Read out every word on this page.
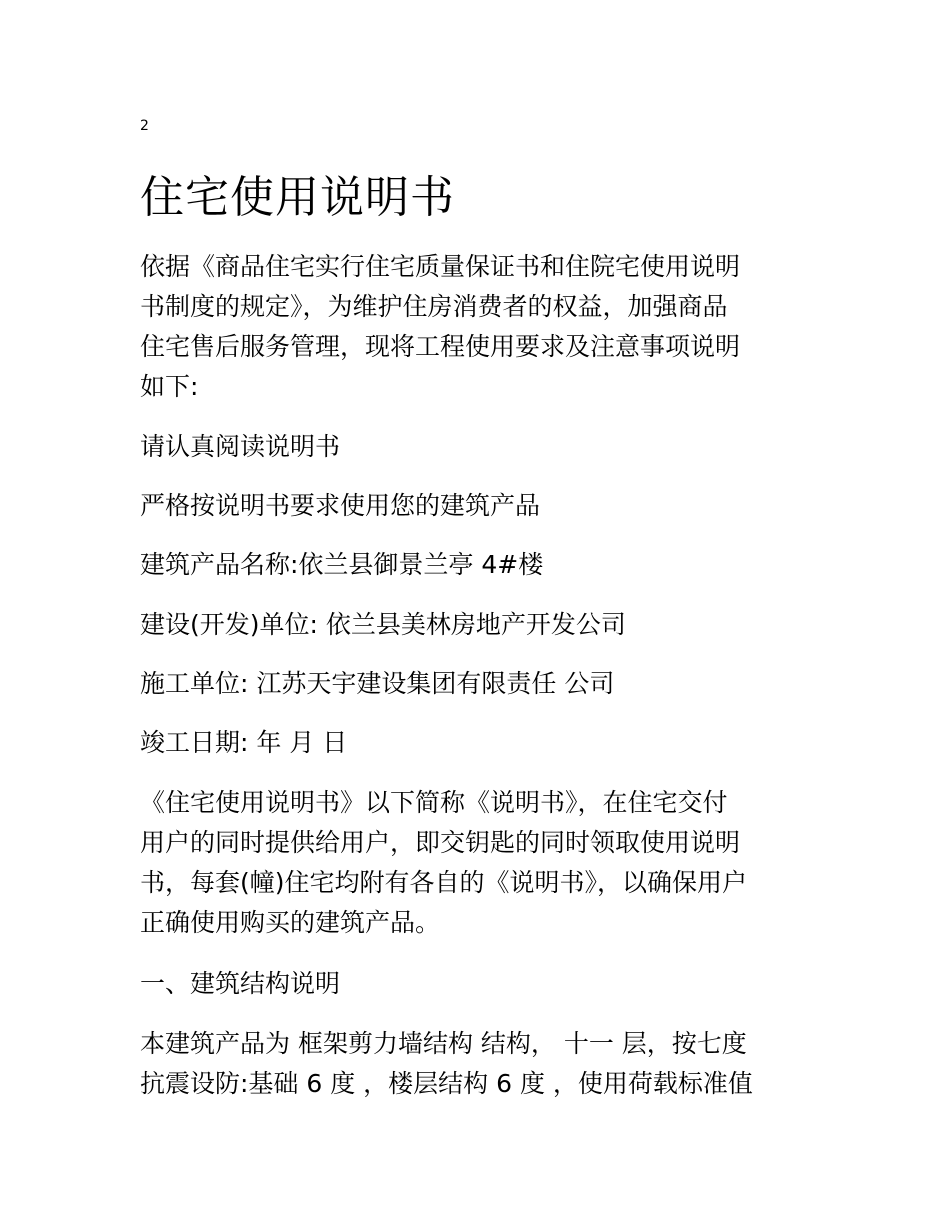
2
住宅使用说明书

依据《商品住宅实行住宅质量保证书和住院宅使用说明
书制度的规定》，为维护住房消费者的权益，加强商品
住宅售后服务管理，现将工程使用要求及注意事项说明
如下:

请认真阅读说明书

严格按说明书要求使用您的建筑产品

建筑产品名称:依兰县御景兰亭 4#楼

建设(开发)单位: 依兰县美林房地产开发公司

施工单位: 江苏天宇建设集团有限责任 公司

竣工日期: 年 月 日

《住宅使用说明书》以下简称《说明书》，在住宅交付
用户的同时提供给用户，即交钥匙的同时领取使用说明
书，每套(幢)住宅均附有各自的《说明书》，以确保用户
正确使用购买的建筑产品。

一、建筑结构说明

本建筑产品为 框架剪力墙结构 结构， 十一 层，按七度
抗震设防:基础 6 度 ，楼层结构 6 度 ，使用荷载标准值
